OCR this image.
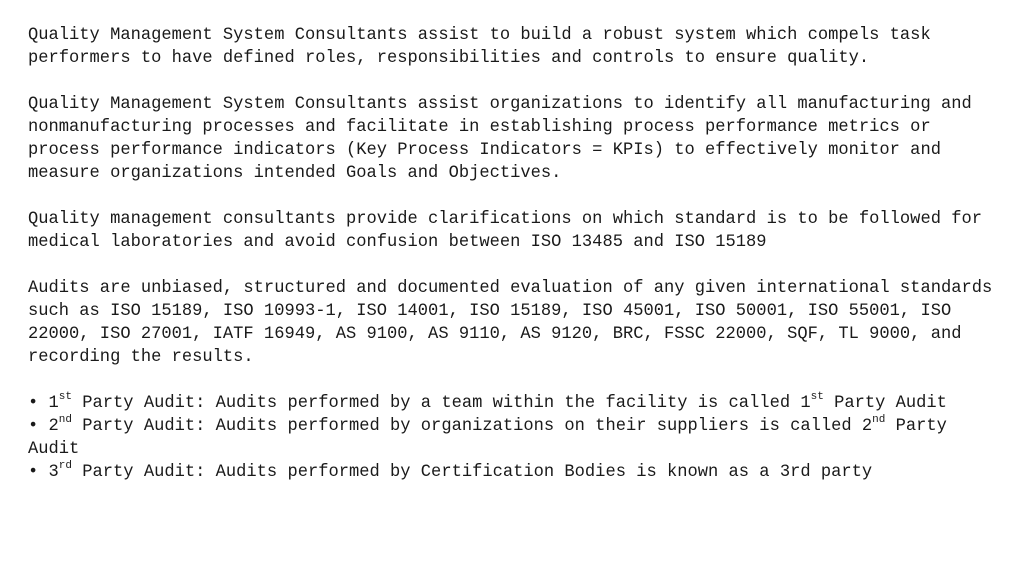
Quality Management System Consultants assist to build a robust system which compels task performers to have defined roles, responsibilities and controls to ensure quality.

Quality Management System Consultants assist organizations to identify all manufacturing and nonmanufacturing processes and facilitate in establishing process performance metrics or process performance indicators (Key Process Indicators = KPIs) to effectively monitor and measure organizations intended Goals and Objectives.

Quality management consultants provide clarifications on which standard is to be followed for medical laboratories and avoid confusion between ISO 13485 and ISO 15189

Audits are unbiased, structured and documented evaluation of any given international standards such as ISO 15189, ISO 10993-1, ISO 14001, ISO 15189, ISO 45001, ISO 50001, ISO 55001, ISO 22000, ISO 27001, IATF 16949, AS 9100, AS 9110, AS 9120, BRC, FSSC 22000, SQF, TL 9000, and recording the results.

• 1st Party Audit: Audits performed by a team within the facility is called 1st Party Audit
• 2nd Party Audit: Audits performed by organizations on their suppliers is called 2nd Party Audit
• 3rd Party Audit: Audits performed by Certification Bodies is known as a 3rd party
